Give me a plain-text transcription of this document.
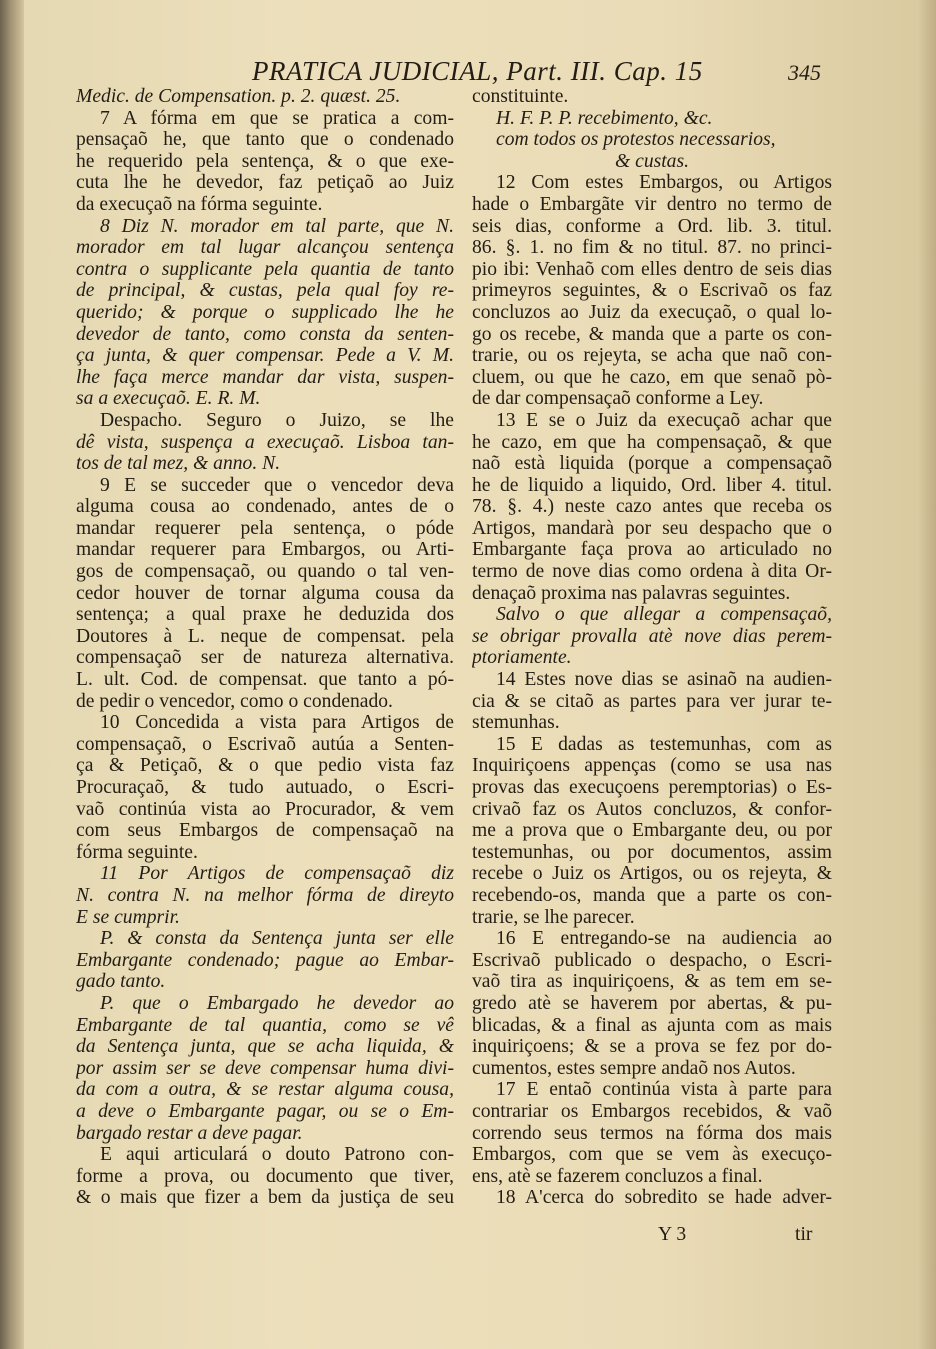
PRATICA JUDICIAL, Part. III. Cap. 15	345
Medic. de Compensation. p. 2. quæst. 25.
7 A fórma em que se pratica a com-
pensaçaõ he, que tanto que o condenado
he requerido pela sentença, & o que exe-
cuta lhe he devedor, faz petiçaõ ao Juiz
da execuçaõ na fórma seguinte.
8 Diz N. morador em tal parte, que N.
morador em tal lugar alcançou sentença
contra o supplicante pela quantia de tanto
de principal, & custas, pela qual foy re-
querido; & porque o supplicado lhe he
devedor de tanto, como consta da senten-
ça junta, & quer compensar. Pede a V. M.
lhe faça merce mandar dar vista, suspen-
sa a execuçaõ. E. R. M.
Despacho. Seguro o Juizo, se lhe
dê vista, suspença a execuçaõ. Lisboa tan-
tos de tal mez, & anno. N.
9 E se succeder que o vencedor deva
alguma cousa ao condenado, antes de o
mandar requerer pela sentença, o póde
mandar requerer para Embargos, ou Arti-
gos de compensaçaõ, ou quando o tal ven-
cedor houver de tornar alguma cousa da
sentença; a qual praxe he deduzida dos
Doutores à L. neque de compensat. pela
compensaçaõ ser de natureza alternativa.
L. ult. Cod. de compensat. que tanto a pó-
de pedir o vencedor, como o condenado.
10 Concedida a vista para Artigos de
compensaçaõ, o Escrivaõ autúa a Senten-
ça & Petiçaõ, & o que pedio vista faz
Procuraçaõ, & tudo autuado, o Escri-
vaõ continúa vista ao Procurador, & vem
com seus Embargos de compensaçaõ na
fórma seguinte.
11 Por Artigos de compensaçaõ diz
N. contra N. na melhor fórma de direyto
E se cumprir.
P. & consta da Sentença junta ser elle
Embargante condenado; pague ao Embar-
gado tanto.
P. que o Embargado he devedor ao
Embargante de tal quantia, como se vê
da Sentença junta, que se acha liquida, &
por assim ser se deve compensar huma divi-
da com a outra, & se restar alguma cousa,
a deve o Embargante pagar, ou se o Em-
bargado restar a deve pagar.
E aqui articulará o douto Patrono con-
forme a prova, ou documento que tiver,
& o mais que fizer a bem da justiça de seu
constituinte.
H. F. P. P. recebimento, &c.
com todos os protestos necessarios,
& custas.
12 Com estes Embargos, ou Artigos
hade o Embargãte vir dentro no termo de
seis dias, conforme a Ord. lib. 3. titul.
86. §. 1. no fim & no titul. 87. no princi-
pio ibi: Venhaõ com elles dentro de seis dias
primeyros seguintes, & o Escrivaõ os faz
concluzos ao Juiz da execuçaõ, o qual lo-
go os recebe, & manda que a parte os con-
trarie, ou os rejeyta, se acha que naõ con-
cluem, ou que he cazo, em que senaõ pò-
de dar compensaçaõ conforme a Ley.
13 E se o Juiz da execuçaõ achar que
he cazo, em que ha compensaçaõ, & que
naõ està liquida (porque a compensaçaõ
he de liquido a liquido, Ord. liber 4. titul.
78. §. 4.) neste cazo antes que receba os
Artigos, mandarà por seu despacho que o
Embargante faça prova ao articulado no
termo de nove dias como ordena à dita Or-
denaçaõ proxima nas palavras seguintes.
Salvo o que allegar a compensaçaõ,
se obrigar provalla atè nove dias perem-
ptoriamente.
14 Estes nove dias se asinaõ na audien-
cia & se citaõ as partes para ver jurar te-
stemunhas.
15 E dadas as testemunhas, com as
Inquiriçoens appenças (como se usa nas
provas das execuçoens peremptorias) o Es-
crivaõ faz os Autos concluzos, & confor-
me a prova que o Embargante deu, ou por
testemunhas, ou por documentos, assim
recebe o Juiz os Artigos, ou os rejeyta, &
recebendo-os, manda que a parte os con-
trarie, se lhe parecer.
16 E entregando-se na audiencia ao
Escrivaõ publicado o despacho, o Escri-
vaõ tira as inquiriçoens, & as tem em se-
gredo atè se haverem por abertas, & pu-
blicadas, & a final as ajunta com as mais
inquiriçoens; & se a prova se fez por do-
cumentos, estes sempre andaõ nos Autos.
17 E entaõ continúa vista à parte para
contrariar os Embargos recebidos, & vaõ
correndo seus termos na fórma dos mais
Embargos, com que se vem às execuço-
ens, atè se fazerem concluzos a final.
18 A'cerca do sobredito se hade adver-
Y 3	tir
